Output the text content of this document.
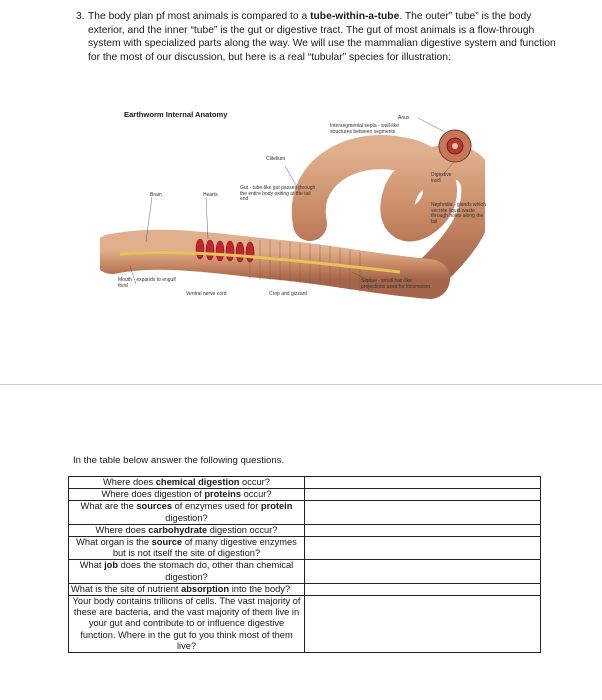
3. The body plan pf most animals is compared to a tube-within-a-tube. The outer” tube” is the body exterior, and the inner “tube” is the gut or digestive tract. The gut of most animals is a flow-through system with specialized parts along the way. We will use the mammalian digestive system and function for the most of our discussion, but here is a real “tubular” species for illustration:
Earthworm Internal Anatomy	Anus
Intersegmental septa - wall-like structures between segments
Clitellum
Digestive tract
Gut - tube-like gut passes through the entire body exiting at the tail end
Brain	Hearts
Nephridia - glands which secrete liquid waste through holes along the tail
Mouth - expands to engulf food
Ventral nerve cord	Crop and gizzard
Septae - small hair-like projections used for locomotion
In the table below answer the following questions.
Where does chemical digestion occur?	
Where does digestion of proteins occur?	
What are the sources of enzymes used for protein digestion?	
Where does carbohydrate digestion occur?	
What organ is the source of many digestive enzymes but is not itself the site of digestion?	
What job does the stomach do, other than chemical digestion?	
What is the site of nutrient absorption into the body?	
Your body contains trillions of cells. The vast majority of these are bacteria, and the vast majority of them live in your gut and contribute to or influence digestive function. Where in the gut fo you think most of them live?	
